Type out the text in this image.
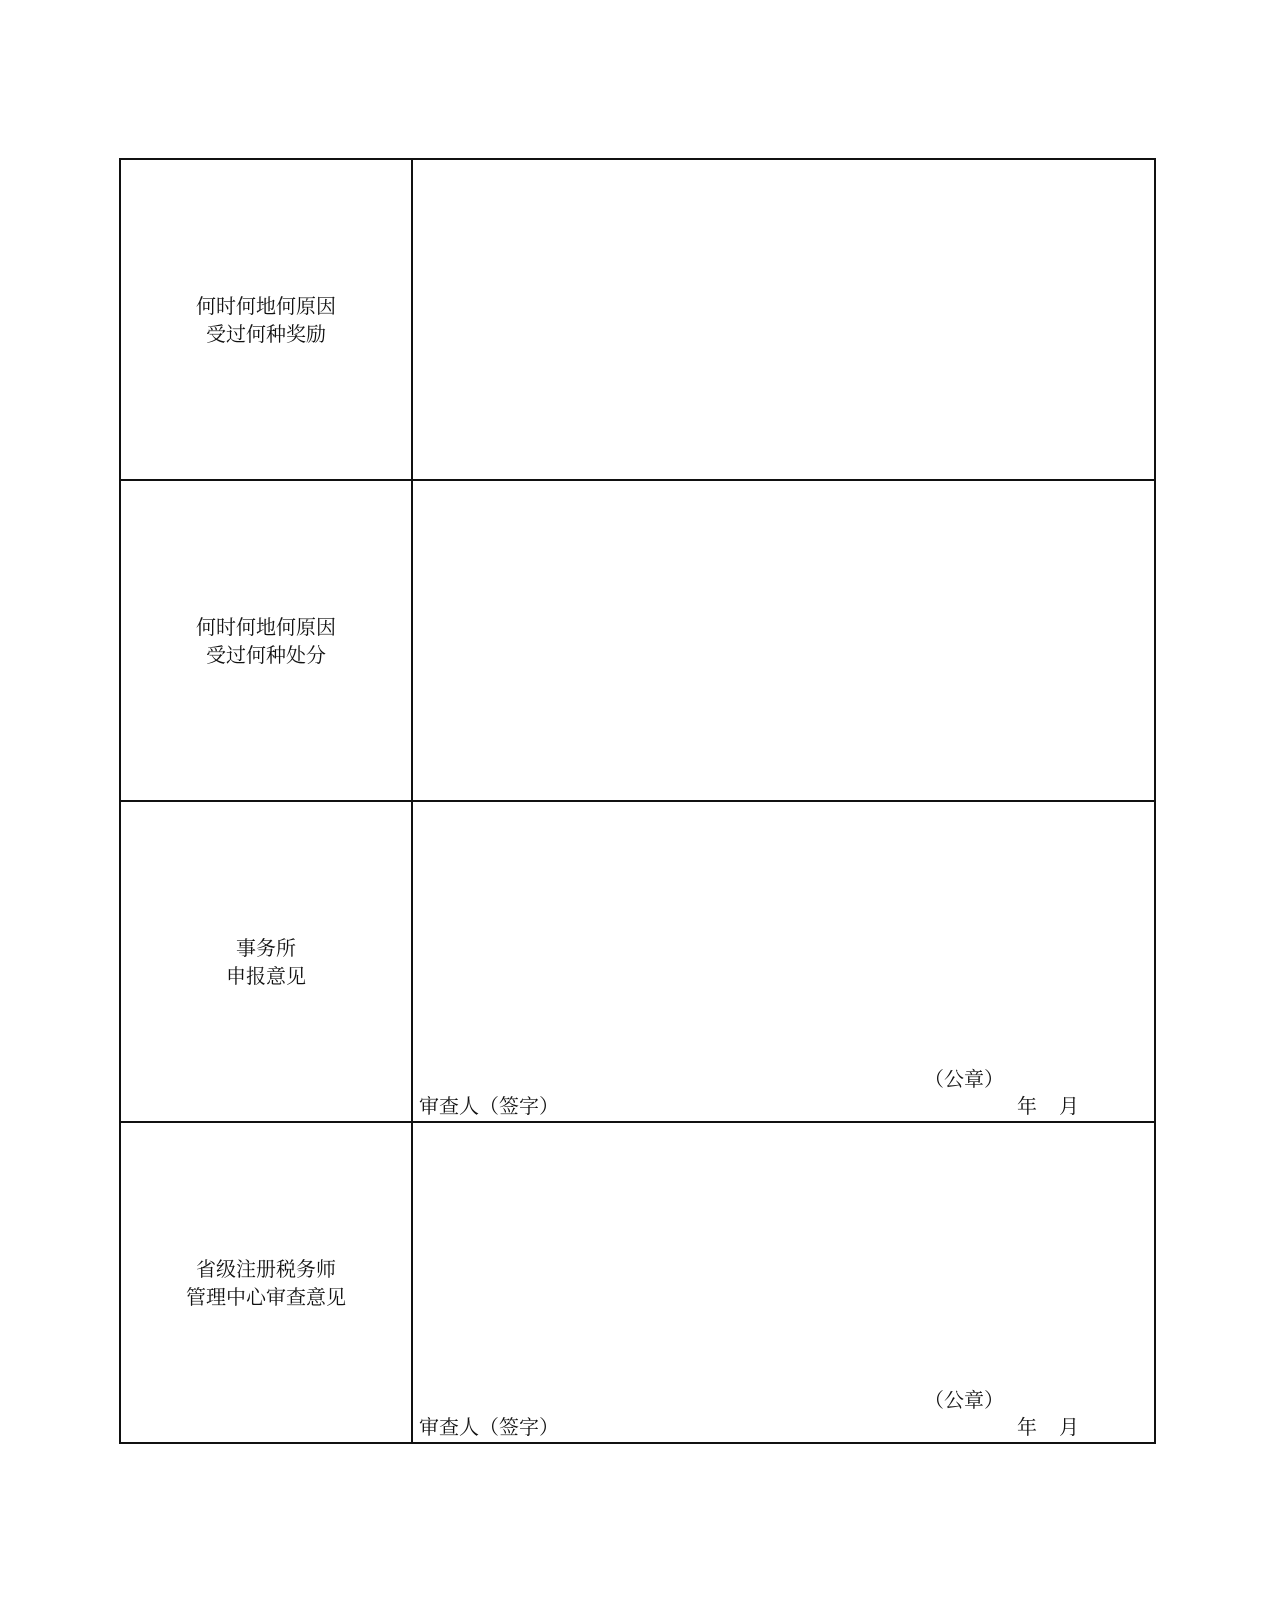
何时何地何原因
受过何种奖励	

何时何地何原因
受过何种处分	

事务所
申报意见	（公章）
审查人（签字） 年 月

省级注册税务师
管理中心审查意见	（公章）
审查人（签字） 年 月
